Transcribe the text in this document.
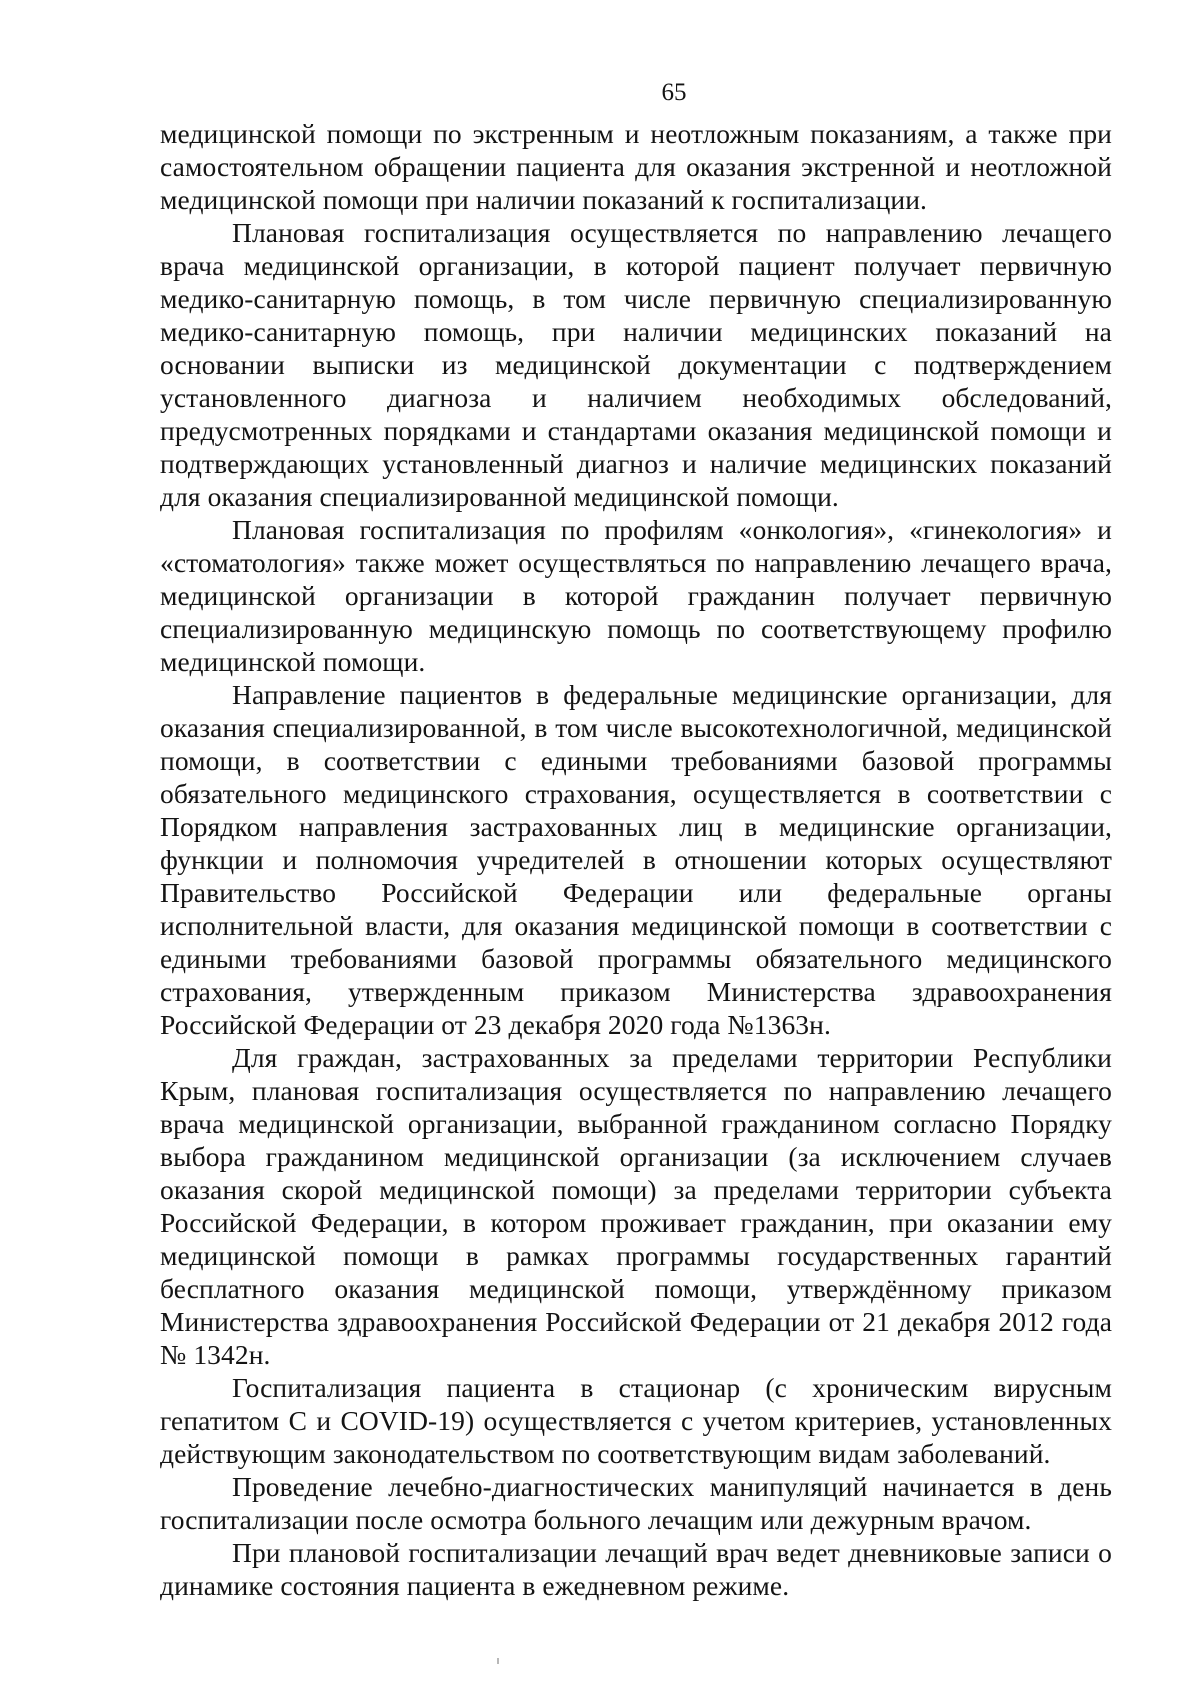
65

медицинской помощи по экстренным и неотложным показаниям, а также при самостоятельном обращении пациента для оказания экстренной и неотложной медицинской помощи при наличии показаний к госпитализации.

Плановая госпитализация осуществляется по направлению лечащего врача медицинской организации, в которой пациент получает первичную медико-санитарную помощь, в том числе первичную специализированную медико-санитарную помощь, при наличии медицинских показаний на основании выписки из медицинской документации с подтверждением установленного диагноза и наличием необходимых обследований, предусмотренных порядками и стандартами оказания медицинской помощи и подтверждающих установленный диагноз и наличие медицинских показаний для оказания специализированной медицинской помощи.

Плановая госпитализация по профилям «онкология», «гинекология» и «стоматология» также может осуществляться по направлению лечащего врача, медицинской организации в которой гражданин получает первичную специализированную медицинскую помощь по соответствующему профилю медицинской помощи.

Направление пациентов в федеральные медицинские организации, для оказания специализированной, в том числе высокотехнологичной, медицинской помощи, в соответствии с едиными требованиями базовой программы обязательного медицинского страхования, осуществляется в соответствии с Порядком направления застрахованных лиц в медицинские организации, функции и полномочия учредителей в отношении которых осуществляют Правительство Российской Федерации или федеральные органы исполнительной власти, для оказания медицинской помощи в соответствии с едиными требованиями базовой программы обязательного медицинского страхования, утвержденным приказом Министерства здравоохранения Российской Федерации от 23 декабря 2020 года №1363н.

Для граждан, застрахованных за пределами территории Республики Крым, плановая госпитализация осуществляется по направлению лечащего врача медицинской организации, выбранной гражданином согласно Порядку выбора гражданином медицинской организации (за исключением случаев оказания скорой медицинской помощи) за пределами территории субъекта Российской Федерации, в котором проживает гражданин, при оказании ему медицинской помощи в рамках программы государственных гарантий бесплатного оказания медицинской помощи, утверждённому приказом Министерства здравоохранения Российской Федерации от 21 декабря 2012 года № 1342н.

Госпитализация пациента в стационар (с хроническим вирусным гепатитом С и COVID-19) осуществляется с учетом критериев, установленных действующим законодательством по соответствующим видам заболеваний.

Проведение лечебно-диагностических манипуляций начинается в день госпитализации после осмотра больного лечащим или дежурным врачом.

При плановой госпитализации лечащий врач ведет дневниковые записи о динамике состояния пациента в ежедневном режиме.
